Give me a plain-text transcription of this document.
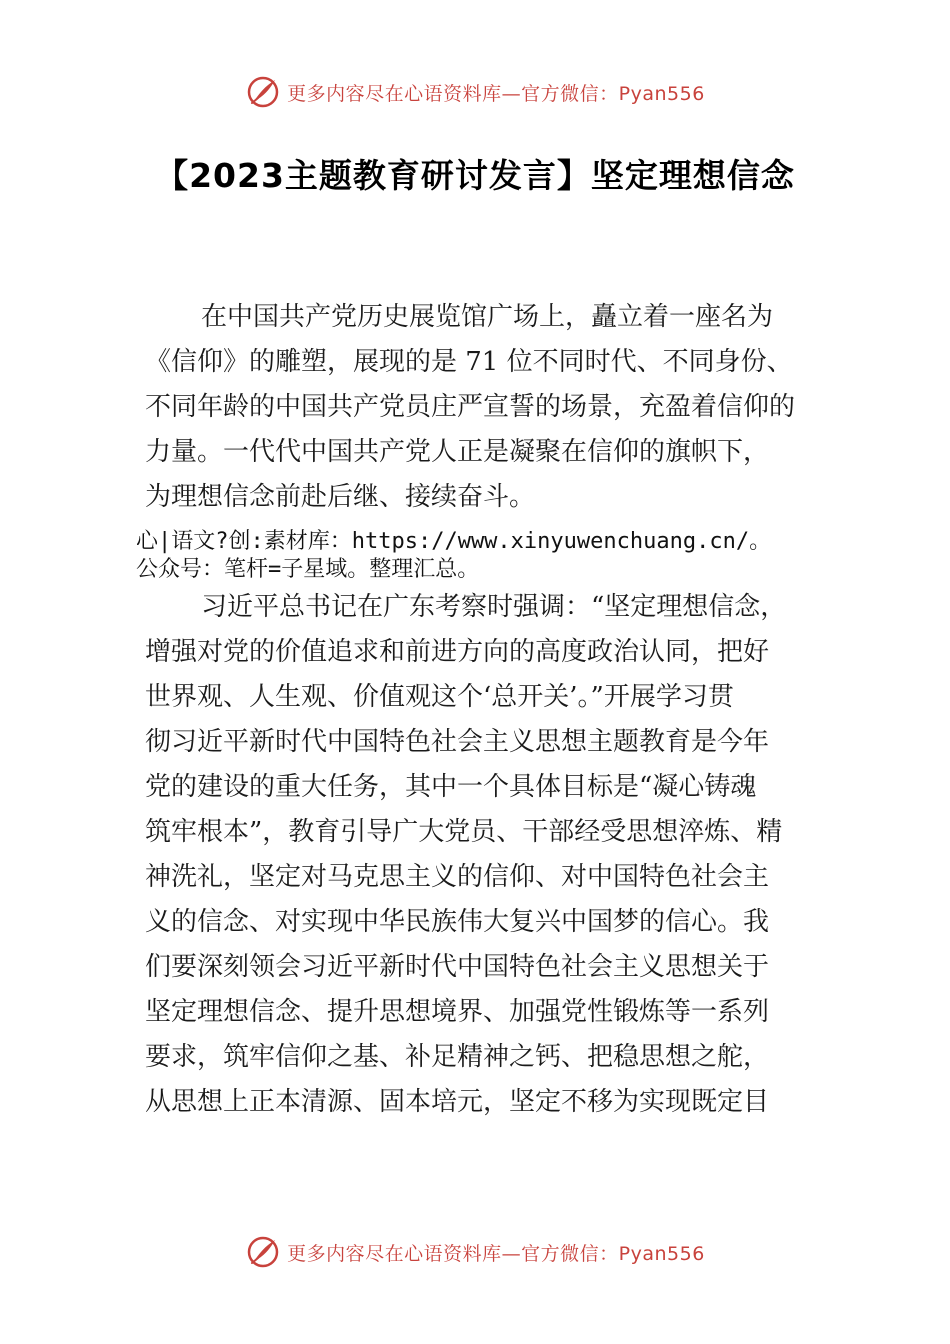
更多内容尽在心语资料库—官方微信：Pyan556
【2023主题教育研讨发言】坚定理想信念
在中国共产党历史展览馆广场上，矗立着一座名为
《信仰》的雕塑，展现的是 71 位不同时代、不同身份、
不同年龄的中国共产党员庄严宣誓的场景，充盈着信仰的
力量。一代代中国共产党人正是凝聚在信仰的旗帜下，
为理想信念前赴后继、接续奋斗。
心|语文?创:素材库：https://www.xinyuwenchuang.cn/。
公众号：笔杆=子星域。整理汇总。
习近平总书记在广东考察时强调：“坚定理想信念，
增强对党的价值追求和前进方向的高度政治认同，把好
世界观、人生观、价值观这个‘总开关’。”开展学习贯
彻习近平新时代中国特色社会主义思想主题教育是今年
党的建设的重大任务，其中一个具体目标是“凝心铸魂
筑牢根本”，教育引导广大党员、干部经受思想淬炼、精
神洗礼，坚定对马克思主义的信仰、对中国特色社会主
义的信念、对实现中华民族伟大复兴中国梦的信心。我
们要深刻领会习近平新时代中国特色社会主义思想关于
坚定理想信念、提升思想境界、加强党性锻炼等一系列
要求，筑牢信仰之基、补足精神之钙、把稳思想之舵，
从思想上正本清源、固本培元，坚定不移为实现既定目
更多内容尽在心语资料库—官方微信：Pyan556
